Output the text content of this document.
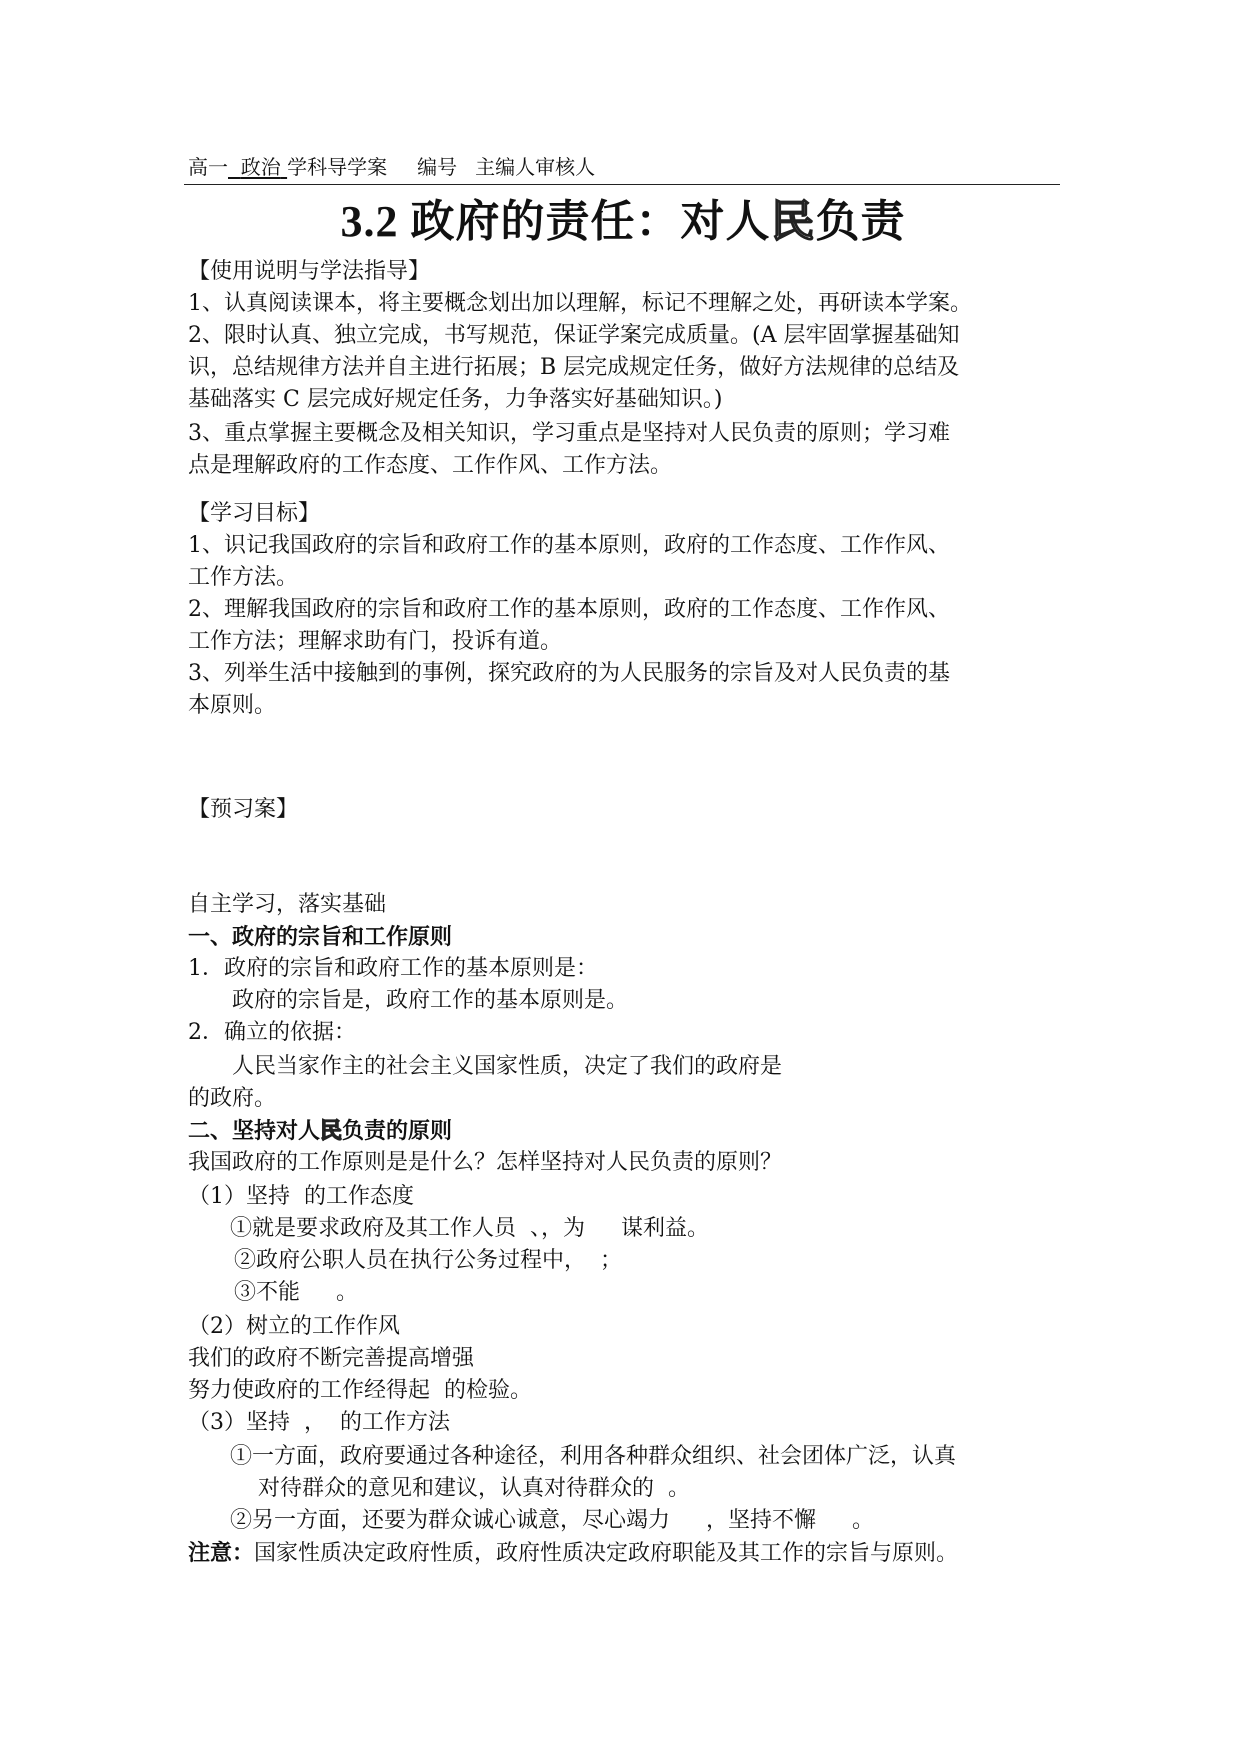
高一 政治 学科导学案 编号 主编人审核人
3.2 政府的责任：对人民负责
【使用说明与学法指导】
1、认真阅读课本，将主要概念划出加以理解，标记不理解之处，再研读本学案。
2、限时认真、独立完成，书写规范，保证学案完成质量。(A 层牢固掌握基础知
识，总结规律方法并自主进行拓展；B 层完成规定任务，做好方法规律的总结及
基础落实 C 层完成好规定任务，力争落实好基础知识。)
3、重点掌握主要概念及相关知识，学习重点是坚持对人民负责的原则；学习难
点是理解政府的工作态度、工作作风、工作方法。
【学习目标】
1、识记我国政府的宗旨和政府工作的基本原则，政府的工作态度、工作作风、
工作方法。
2、理解我国政府的宗旨和政府工作的基本原则，政府的工作态度、工作作风、
工作方法；理解求助有门，投诉有道。
3、列举生活中接触到的事例，探究政府的为人民服务的宗旨及对人民负责的基
本原则。
【预习案】
自主学习，落实基础
一、政府的宗旨和工作原则
1．政府的宗旨和政府工作的基本原则是：
政府的宗旨是，政府工作的基本原则是。
2．确立的依据：
人民当家作主的社会主义国家性质，决定了我们的政府是
的政府。
二、坚持对人民负责的原则
我国政府的工作原则是是什么？怎样坚持对人民负责的原则？
（1）坚持 的工作态度
①就是要求政府及其工作人员 、，为 谋利益。
②政府公职人员在执行公务过程中， ；
③不能 。
（2）树立的工作作风
我们的政府不断完善提高增强
努力使政府的工作经得起 的检验。
（3）坚持 ， 的工作方法
①一方面，政府要通过各种途径，利用各种群众组织、社会团体广泛，认真
对待群众的意见和建议，认真对待群众的 。
②另一方面，还要为群众诚心诚意，尽心竭力 ，坚持不懈 。
注意：国家性质决定政府性质，政府性质决定政府职能及其工作的宗旨与原则。
